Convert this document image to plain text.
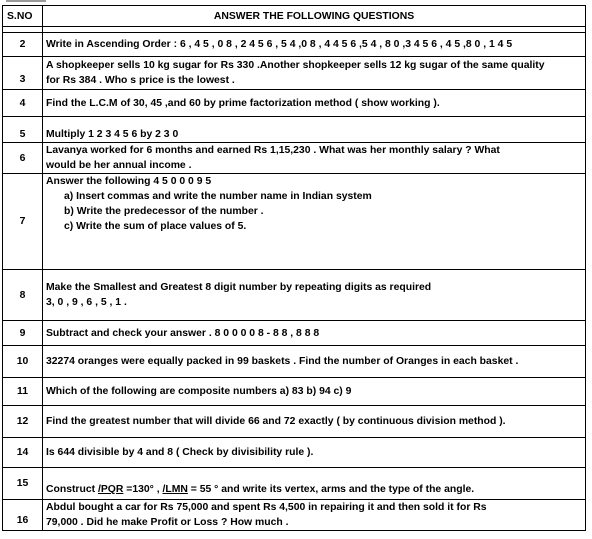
S.NO	ANSWER THE FOLLOWING QUESTIONS

2	Write in Ascending Order : 6 , 4 5 , 0 8 , 2 4 5 6 , 5 4 ,0 8 , 4 4 5 6 ,5 4 , 8 0 ,3 4 5 6 , 4 5 ,8 0 , 1 4 5

3	A shopkeeper sells 10 kg sugar for Rs 330 .Another shopkeeper sells 12 kg sugar of the same quality
for Rs 384 . Who s price is the lowest .

4	Find the L.C.M of 30, 45 ,and 60 by prime factorization method ( show working ).

5	Multiply 1 2 3 4 5 6 by 2 3 0

6	Lavanya worked for 6 months and earned Rs 1,15,230 . What was her monthly salary ? What
would be her annual income .

7	Answer the following 4 5 0 0 0 9 5
a) Insert commas and write the number name in Indian system
b) Write the predecessor of the number .
c) Write the sum of place values of 5.

8	Make the Smallest and Greatest 8 digit number by repeating digits as required
3, 0 , 9 , 6 , 5 , 1 .

9	Subtract and check your answer . 8 0 0 0 0 8 - 8 8 , 8 8 8

10	32274 oranges were equally packed in 99 baskets . Find the number of Oranges in each basket .

11	Which of the following are composite numbers a) 83 b) 94 c) 9

12	Find the greatest number that will divide 66 and 72 exactly ( by continuous division method ).

14	Is 644 divisible by 4 and 8 ( Check by divisibility rule ).

15	Construct /PQR =130° , /LMN = 55 ° and write its vertex, arms and the type of the angle.

16	Abdul bought a car for Rs 75,000 and spent Rs 4,500 in repairing it and then sold it for Rs
79,000 . Did he make Profit or Loss ? How much .
